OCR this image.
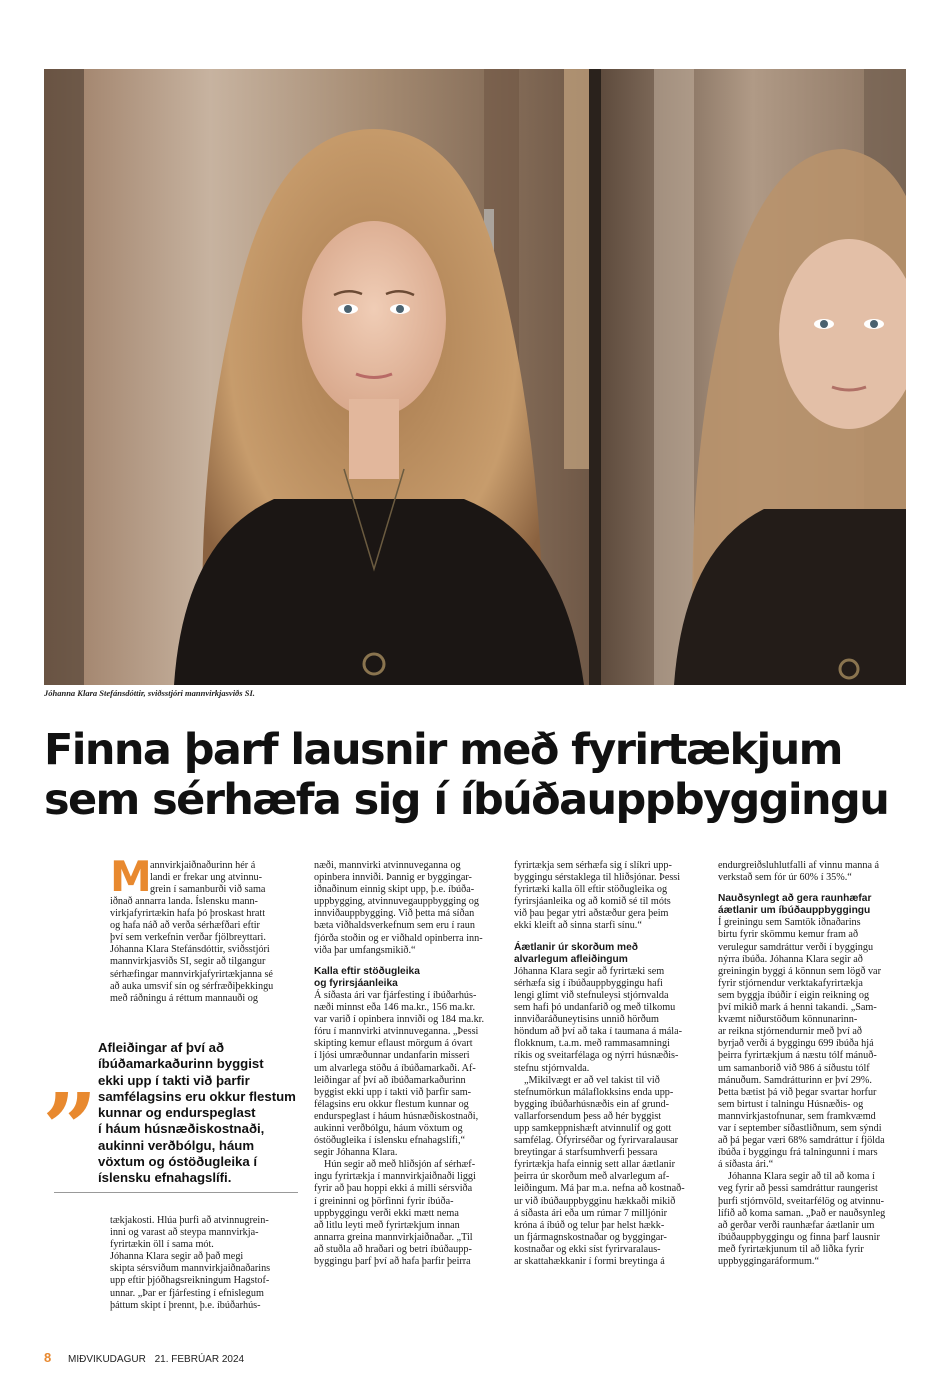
Jóhanna Klara Stefánsdóttir, sviðsstjóri mannvirkjasviðs SI.
Finna þarf lausnir með fyrirtækjum
sem sérhæfa sig í íbúðauppbyggingu
M

annvirkjaiðnaðurinn hér á

landi er frekar ung atvinnu-

grein í samanburði við sama

iðnað annarra landa. Íslensku mann-

virkjafyrirtækin hafa þó þroskast hratt

og hafa náð að verða sérhæfðari eftir

því sem verkefnin verðar fjölbreyttari.

Jóhanna Klara Stefánsdóttir, sviðsstjóri

mannvirkjasviðs SI, segir að tilgangur

sérhæfingar mannvirkjafyrirtækjanna sé

að auka umsvif sín og sérfræðiþekkingu

með ráðningu á réttum mannauði og

„ Afleiðingar af því að
íbúðamarkaðurinn byggist
ekki upp í takti við þarfir
samfélagsins eru okkur flestum
kunnar og endurspeglast
í háum húsnæðiskostnaði,
aukinni verðbólgu, háum
vöxtum og óstöðugleika í
íslensku efnahagslífi.

tækjakosti. Hlúa þurfi að atvinnugrein-

inni og varast að steypa mannvirkja-

fyrirtækin öll í sama mót.

Jóhanna Klara segir að það megi

skipta sérsviðum mannvirkjaiðnaðarins

upp eftir þjóðhagsreikningum Hagstof-

unnar. „Þar er fjárfesting í efnislegum

þáttum skipt í þrennt, þ.e. íbúðarhús-

næði, mannvirki atvinnuveganna og

opinbera innviði. Þannig er byggingar-

iðnaðinum einnig skipt upp, þ.e. íbúða-

uppbygging, atvinnuvegauppbygging og

innviðauppbygging. Við þetta má síðan

bæta viðhaldsverkefnum sem eru í raun

fjórða stoðin og er viðhald opinberra inn-

viða þar umfangsmikið.“

Kalla eftir stöðugleika
og fyrirsjáanleika

Á síðasta ári var fjárfesting í íbúðarhús-

næði minnst eða 146 ma.kr., 156 ma.kr.

var varið í opinbera innviði og 184 ma.kr.

fóru í mannvirki atvinnuveganna. „Þessi

skipting kemur eflaust mörgum á óvart

í ljósi umræðunnar undanfarin misseri

um alvarlega stöðu á íbúðamarkaði. Af-

leiðingar af því að íbúðamarkaðurinn

byggist ekki upp í takti við þarfir sam-

félagsins eru okkur flestum kunnar og

endurspeglast í háum húsnæðiskostnaði,

aukinni verðbólgu, háum vöxtum og

óstöðugleika í íslensku efnahagslífi,“

segir Jóhanna Klara.

Hún segir að með hliðsjón af sérhæf-

ingu fyrirtækja í mannvirkjaiðnaði liggi

fyrir að þau hoppi ekki á milli sérsviða

í greininni og þörfinni fyrir íbúða-

uppbyggingu verði ekki mætt nema

að litlu leyti með fyrirtækjum innan

annarra greina mannvirkjaiðnaðar. „Til

að stuðla að hraðari og betri íbúðaupp-

byggingu þarf því að hafa þarfir þeirra

fyrirtækja sem sérhæfa sig í slíkri upp-

byggingu sérstaklega til hliðsjónar. Þessi

fyrirtæki kalla öll eftir stöðugleika og

fyrirsjáanleika og að komið sé til móts

við þau þegar ytri aðstæður gera þeim

ekki kleift að sinna starfi sínu.“

Áætlanir úr skorðum með
alvarlegum afleiðingum

Jóhanna Klara segir að fyrirtæki sem

sérhæfa sig í íbúðauppbyggingu hafi

lengi glímt við stefnuleysi stjórnvalda

sem hafi þó undanfarið og með tilkomu

innviðaráðuneytisins unnið hörðum

höndum að því að taka í taumana á mála-

flokknum, t.a.m. með rammasamningi

ríkis og sveitarfélaga og nýrri húsnæðis-

stefnu stjórnvalda.

„Mikilvægt er að vel takist til við

stefnumörkun málaflokksins enda upp-

bygging íbúðarhúsnæðis ein af grund-

vallarforsendum þess að hér byggist

upp samkeppnishæft atvinnulíf og gott

samfélag. Ófyrirséðar og fyrirvaralausar

breytingar á starfsumhverfi þessara

fyrirtækja hafa einnig sett allar áætlanir

þeirra úr skorðum með alvarlegum af-

leiðingum. Má þar m.a. nefna að kostnað-

ur við íbúðauppbygginu hækkaði mikið

á síðasta ári eða um rúmar 7 milljónir

króna á íbúð og telur þar helst hækk-

un fjármagnskostnaðar og byggingar-

kostnaðar og ekki síst fyrirvaralaus-

ar skattahækkanir í formi breytinga á

endurgreiðsluhlutfalli af vinnu manna á

verkstað sem fór úr 60% í 35%.“

Nauðsynlegt að gera raunhæfar
áætlanir um íbúðauppbyggingu

Í greiningu sem Samtök iðnaðarins

birtu fyrir skömmu kemur fram að

verulegur samdráttur verði í byggingu

nýrra íbúða. Jóhanna Klara segir að

greiningin byggi á könnun sem lögð var

fyrir stjórnendur verktakafyrirtækja

sem byggja íbúðir í eigin reikning og

því mikið mark á henni takandi. „Sam-

kvæmt niðurstöðum könnunarinn-

ar reikna stjórnendurnir með því að

byrjað verði á byggingu 699 íbúða hjá

þeirra fyrirtækjum á næstu tólf mánuð-

um samanborið við 986 á síðustu tólf

mánuðum. Samdrátturinn er því 29%.

Þetta bætist þá við þegar svartar horfur

sem birtust í talningu Húsnæðis- og

mannvirkjastofnunar, sem framkvæmd

var í september síðastliðnum, sem sýndi

að þá þegar væri 68% samdráttur í fjölda

íbúða í byggingu frá talningunni í mars

á síðasta ári.“

Jóhanna Klara segir að til að koma í

veg fyrir að þessi samdráttur raungerist

þurfi stjórnvöld, sveitarfélög og atvinnu-

lífið að koma saman. „Það er nauðsynleg

að gerðar verði raunhæfar áætlanir um

íbúðauppbyggingu og finna þarf lausnir

með fyrirtækjunum til að liðka fyrir

uppbyggingaráformum.“

8 MIÐVIKUDAGUR 21. FEBRÚAR 2024
